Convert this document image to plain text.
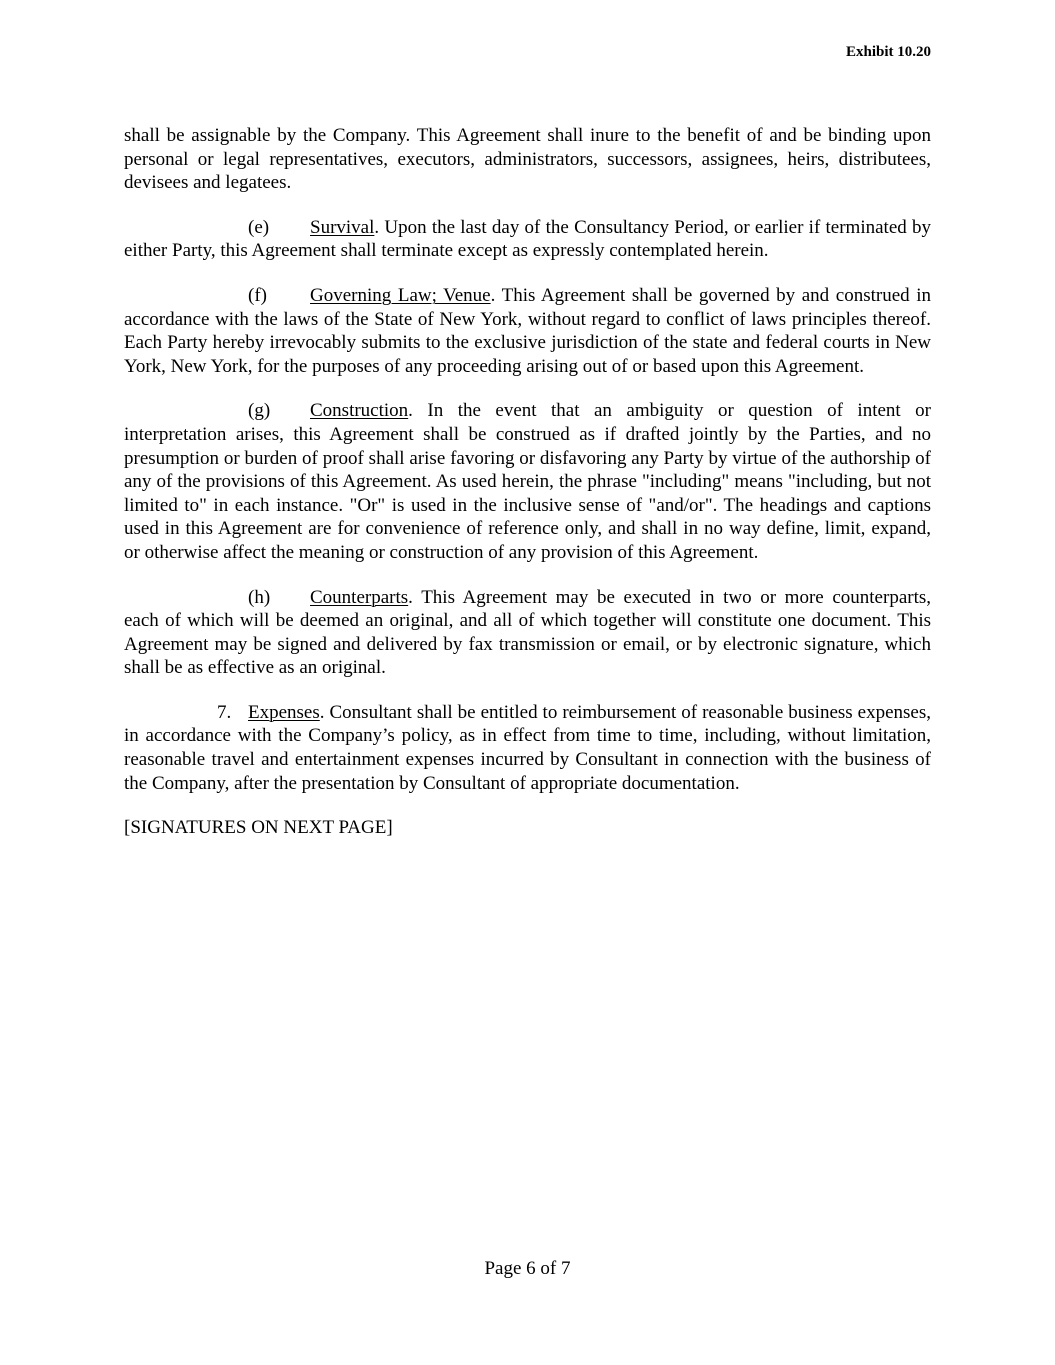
Exhibit 10.20

shall be assignable by the Company. This Agreement shall inure to the benefit of and be binding upon personal or legal representatives, executors, administrators, successors, assignees, heirs, distributees, devisees and legatees.

(e) Survival. Upon the last day of the Consultancy Period, or earlier if terminated by either Party, this Agreement shall terminate except as expressly contemplated herein.

(f) Governing Law; Venue. This Agreement shall be governed by and construed in accordance with the laws of the State of New York, without regard to conflict of laws principles thereof. Each Party hereby irrevocably submits to the exclusive jurisdiction of the state and federal courts in New York, New York, for the purposes of any proceeding arising out of or based upon this Agreement.

(g) Construction. In the event that an ambiguity or question of intent or interpretation arises, this Agreement shall be construed as if drafted jointly by the Parties, and no presumption or burden of proof shall arise favoring or disfavoring any Party by virtue of the authorship of any of the provisions of this Agreement. As used herein, the phrase "including" means "including, but not limited to" in each instance. "Or" is used in the inclusive sense of "and/or". The headings and captions used in this Agreement are for convenience of reference only, and shall in no way define, limit, expand, or otherwise affect the meaning or construction of any provision of this Agreement.

(h) Counterparts. This Agreement may be executed in two or more counterparts, each of which will be deemed an original, and all of which together will constitute one document. This Agreement may be signed and delivered by fax transmission or email, or by electronic signature, which shall be as effective as an original.

7. Expenses. Consultant shall be entitled to reimbursement of reasonable business expenses, in accordance with the Company’s policy, as in effect from time to time, including, without limitation, reasonable travel and entertainment expenses incurred by Consultant in connection with the business of the Company, after the presentation by Consultant of appropriate documentation.

[SIGNATURES ON NEXT PAGE]

Page 6 of 7
